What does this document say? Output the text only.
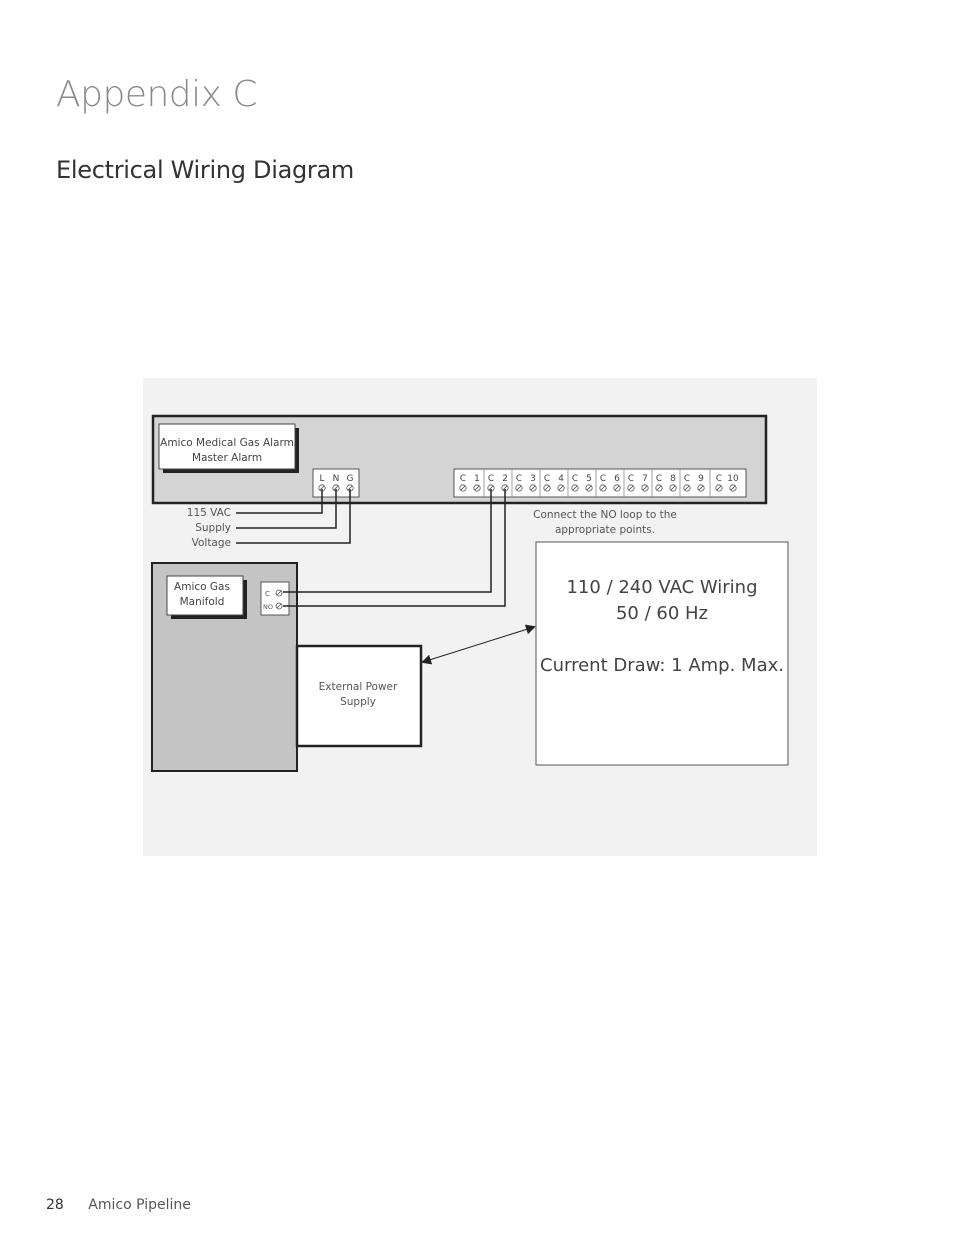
Appendix C
Electrical Wiring Diagram
Amico Medical Gas Alarm
Master Alarm
L N G	C 1 C 2 C 3 C 4 C 5 C 6 C 7 C 8 C 9 C 10
115 VAC
Supply
Voltage
Connect the NO loop to the
appropriate points.
Amico Gas
Manifold
C
NO
External Power
Supply
110 / 240 VAC Wiring
50 / 60 Hz
Current Draw: 1 Amp. Max.
28 Amico Pipeline
